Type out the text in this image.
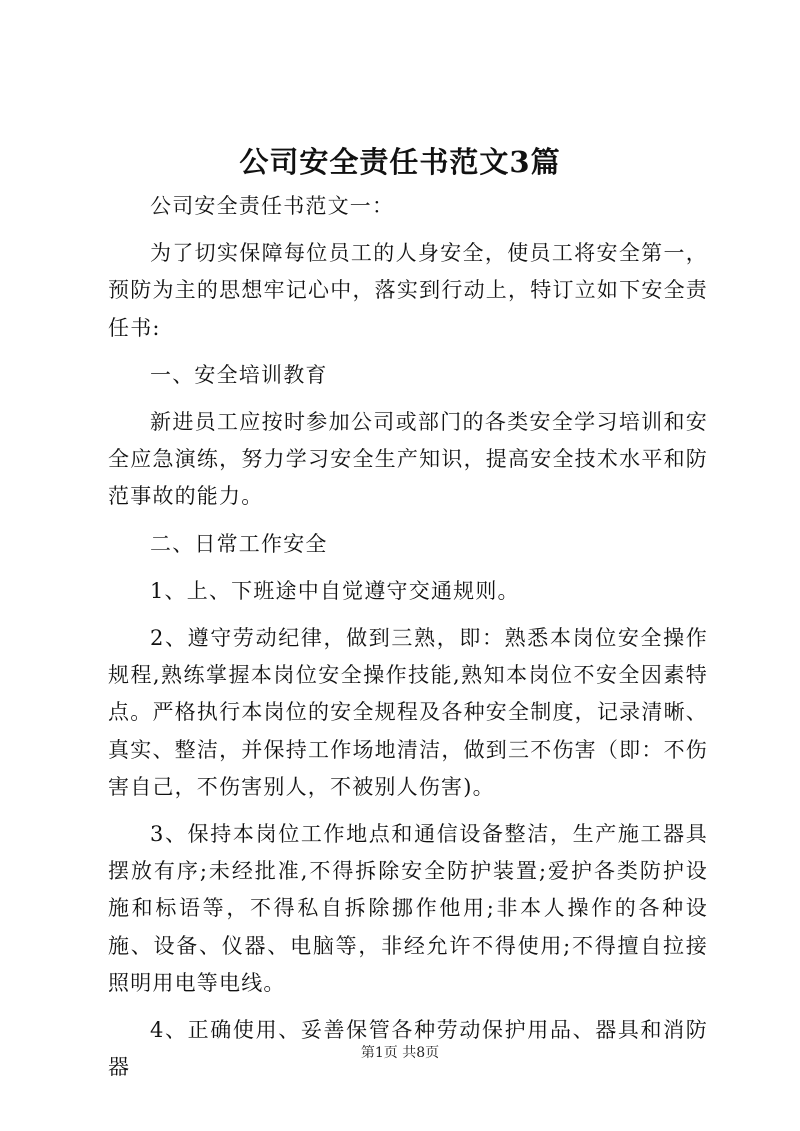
公司安全责任书范文3篇

公司安全责任书范文一：

为了切实保障每位员工的人身安全，使员工将安全第一，预防为主的思想牢记心中，落实到行动上，特订立如下安全责任书:

一、安全培训教育

新进员工应按时参加公司或部门的各类安全学习培训和安全应急演练，努力学习安全生产知识，提高安全技术水平和防范事故的能力。

二、日常工作安全

1、上、下班途中自觉遵守交通规则。

2、遵守劳动纪律，做到三熟，即：熟悉本岗位安全操作规程,熟练掌握本岗位安全操作技能,熟知本岗位不安全因素特点。严格执行本岗位的安全规程及各种安全制度，记录清晰、真实、整洁，并保持工作场地清洁，做到三不伤害（即：不伤害自己，不伤害别人，不被别人伤害)。

3、保持本岗位工作地点和通信设备整洁，生产施工器具摆放有序;未经批准,不得拆除安全防护装置;爱护各类防护设施和标语等，不得私自拆除挪作他用;非本人操作的各种设施、设备、仪器、电脑等，非经允许不得使用;不得擅自拉接照明用电等电线。

4、正确使用、妥善保管各种劳动保护用品、器具和消防器

第1页 共8页
